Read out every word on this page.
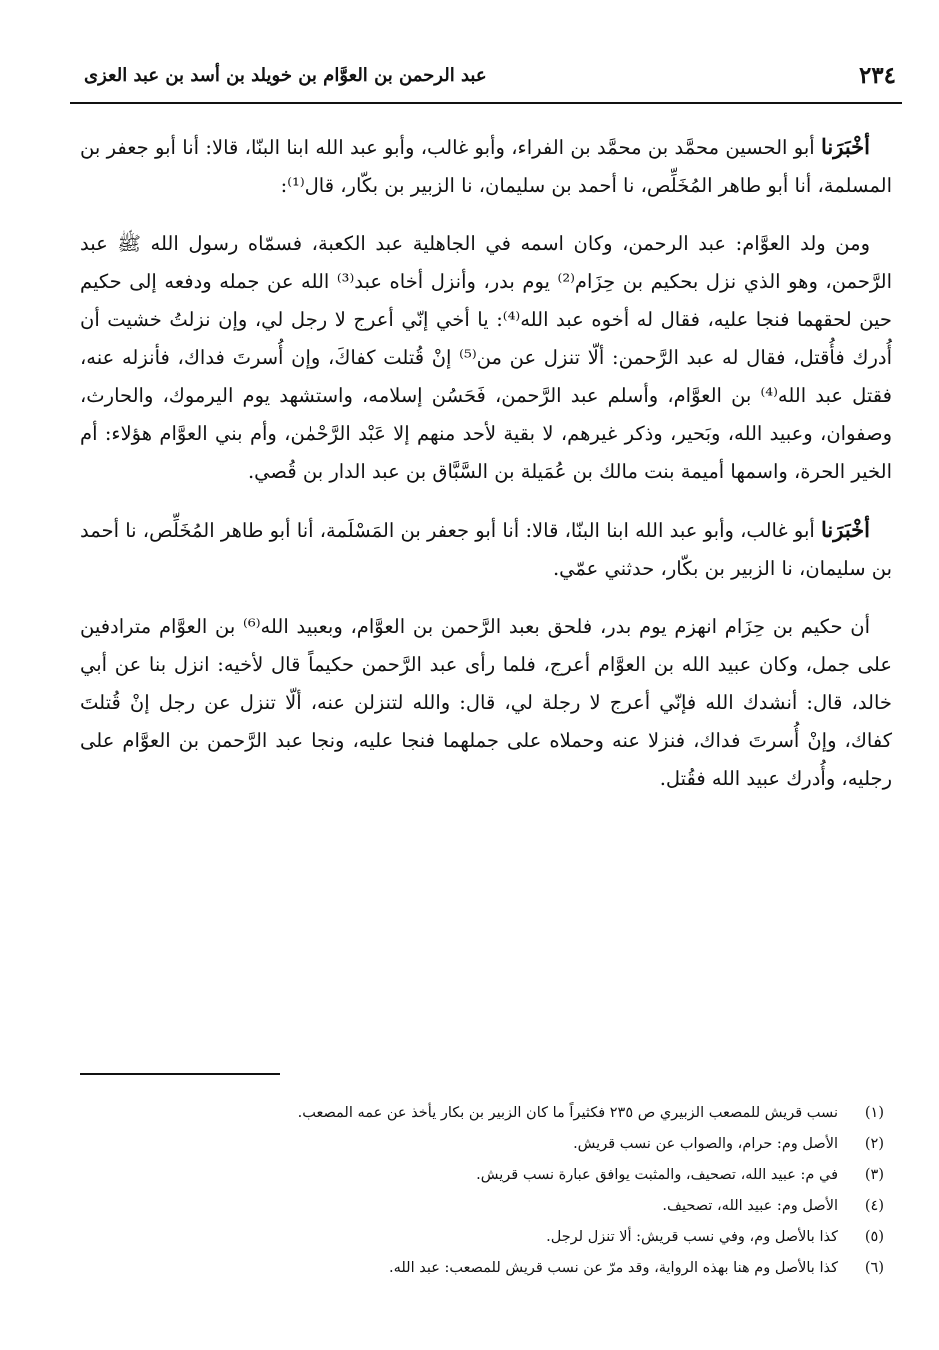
٢٣٤
عبد الرحمن بن العوَّام بن خويلد بن أسد بن عبد العزى

أخْبَرَنا أبو الحسين محمَّد بن محمَّد بن الفراء، وأبو غالب، وأبو عبد الله ابنا البنّا، قالا: أنا أبو جعفر بن المسلمة، أنا أبو طاهر المُخَلِّص، نا أحمد بن سليمان، نا الزبير بن بكّار، قال⁽¹⁾:

ومن ولد العوَّام: عبد الرحمن، وكان اسمه في الجاهلية عبد الكعبة، فسمّاه رسول الله ﷺ عبد الرَّحمن، وهو الذي نزل بحكيم بن حِزَام⁽²⁾ يوم بدر، وأنزل أخاه عبد⁽³⁾ الله عن جمله ودفعه إلى حكيم حين لحقهما فنجا عليه، فقال له أخوه عبد الله⁽⁴⁾: يا أخي إنّي أعرج لا رجل لي، وإن نزلتُ خشيت أن أُدرك فأُقتل، فقال له عبد الرَّحمن: ألّا تنزل عن من⁽⁵⁾ إنْ قُتلت كفاكَ، وإن أُسرتَ فداك، فأنزله عنه، فقتل عبد الله⁽⁴⁾ بن العوَّام، وأسلم عبد الرَّحمن، فَحَسُن إسلامه، واستشهد يوم اليرموك، والحارث، وصفوان، وعبيد الله، وبَحير، وذكر غيرهم، لا بقية لأحد منهم إلا عَبْد الرَّحْمٰن، وأم بني العوَّام هؤلاء: أم الخير الحرة، واسمها أميمة بنت مالك بن عُمَيلة بن السَّبَّاق بن عبد الدار بن قُصي.

أخْبَرَنا أبو غالب، وأبو عبد الله ابنا البنّا، قالا: أنا أبو جعفر بن المَسْلَمة، أنا أبو طاهر المُخَلِّص، نا أحمد بن سليمان، نا الزبير بن بكّار، حدثني عمّي.

أن حكيم بن حِزَام انهزم يوم بدر، فلحق بعبد الرَّحمن بن العوَّام، وبعبيد الله⁽⁶⁾ بن العوَّام مترادفين على جمل، وكان عبيد الله بن العوَّام أعرج، فلما رأى عبد الرَّحمن حكيماً قال لأخيه: انزل بنا عن أبي خالد، قال: أنشدك الله فإنّي أعرج لا رجلة لي، قال: والله لتنزلن عنه، ألّا تنزل عن رجل إنْ قُتلتَ كفاك، وإنْ أُسرتَ فداك، فنزلا عنه وحملاه على جملهما فنجا عليه، ونجا عبد الرَّحمن بن العوَّام على رجليه، وأُدرك عبيد الله فقُتل.

(١)
نسب قريش للمصعب الزبيري ص ٢٣٥ فكثيراً ما كان الزبير بن بكار يأخذ عن عمه المصعب.
(٢)
الأصل وم: حرام، والصواب عن نسب قريش.
(٣)
في م: عبيد الله، تصحيف، والمثبت يوافق عبارة نسب قريش.
(٤)
الأصل وم: عبيد الله، تصحيف.
(٥)
كذا بالأصل وم، وفي نسب قريش: ألا تنزل لرجل.
(٦)
كذا بالأصل وم هنا بهذه الرواية، وقد مرّ عن نسب قريش للمصعب: عبد الله.
